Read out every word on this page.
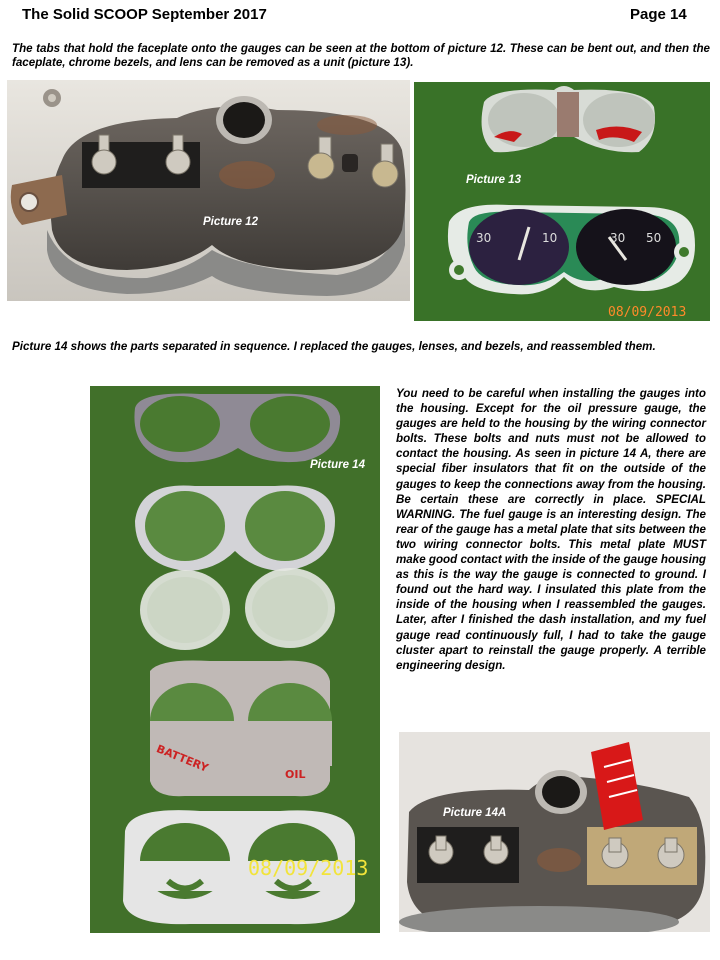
The Solid SCOOP September 2017	Page 14
The tabs that hold the faceplate onto the gauges can be seen at the bottom of picture 12. These can be bent out, and then the faceplate, chrome bezels, and lens can be removed as a unit (picture 13).
Picture 12
30	10	30 50
Picture 13
08/09/2013
Picture 14 shows the parts separated in sequence. I replaced the gauges, lenses, and bezels, and reassembled them.
Picture 14
BATTERY	OIL
08/09/2013
You need to be careful when installing the gauges into the housing. Except for the oil pressure gauge, the gauges are held to the housing by the wiring connector bolts. These bolts and nuts must not be allowed to contact the housing. As seen in picture 14 A, there are special fiber insulators that fit on the outside of the gauges to keep the connections away from the housing. Be certain these are correctly in place. SPECIAL WARNING. The fuel gauge is an interesting design. The rear of the gauge has a metal plate that sits between the two wiring connector bolts. This metal plate MUST make good contact with the inside of the gauge housing as this is the way the gauge is connected to ground. I found out the hard way. I insulated this plate from the inside of the housing when I reassembled the gauges. Later, after I finished the dash installation, and my fuel gauge read continuously full, I had to take the gauge cluster apart to reinstall the gauge properly. A terrible engineering design.
Picture 14A
